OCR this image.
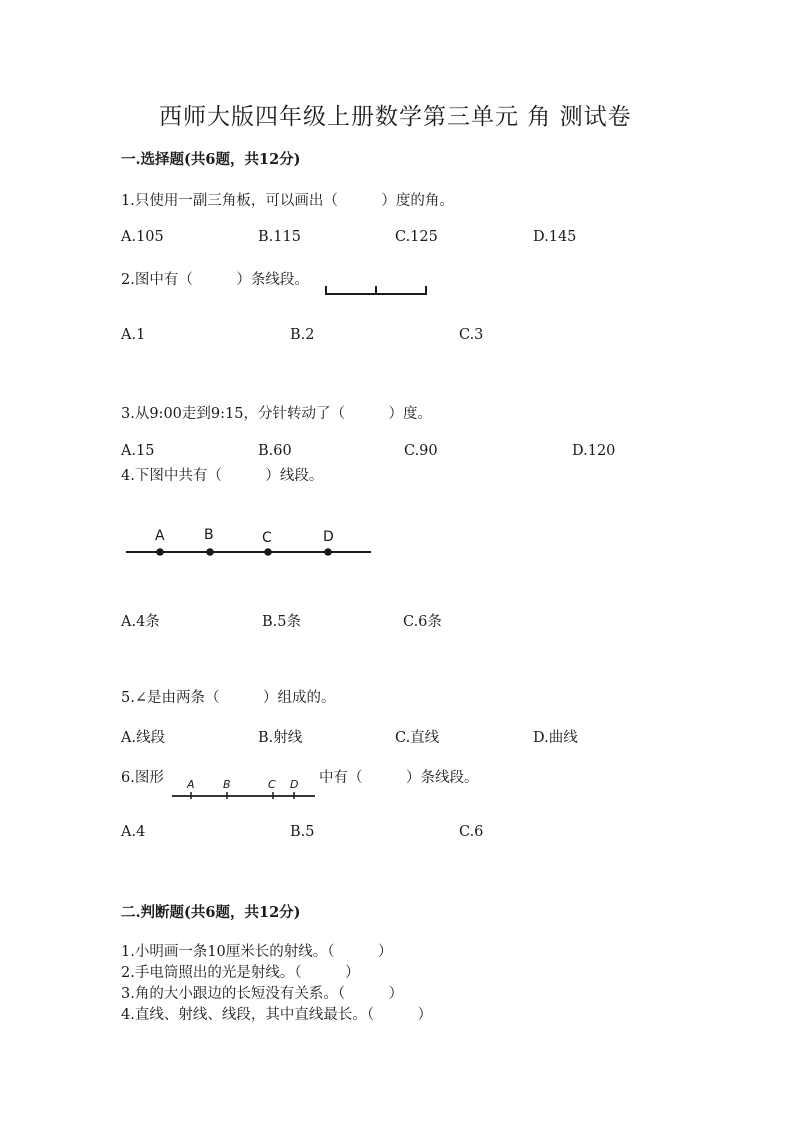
西师大版四年级上册数学第三单元 角 测试卷
一.选择题(共6题，共12分)
1.只使用一副三角板，可以画出（　　　）度的角。
A.105	B.115	C.125	D.145
2.图中有（　　　）条线段。
A.1	B.2	C.3
3.从9:00走到9:15，分针转动了（　　　）度。
A.15	B.60	C.90	D.120
4.下图中共有（　　　）线段。
A	B	C	D
A.4条	B.5条	C.6条
5.∠是由两条（　　　）组成的。
A.线段	B.射线	C.直线	D.曲线
6.图形 A	B	C D 中有（　　　）条线段。
A.4	B.5	C.6
二.判断题(共6题，共12分)
1.小明画一条10厘米长的射线。（　　　）
2.手电筒照出的光是射线。（　　　）
3.角的大小跟边的长短没有关系。（　　　）
4.直线、射线、线段，其中直线最长。（　　　）
